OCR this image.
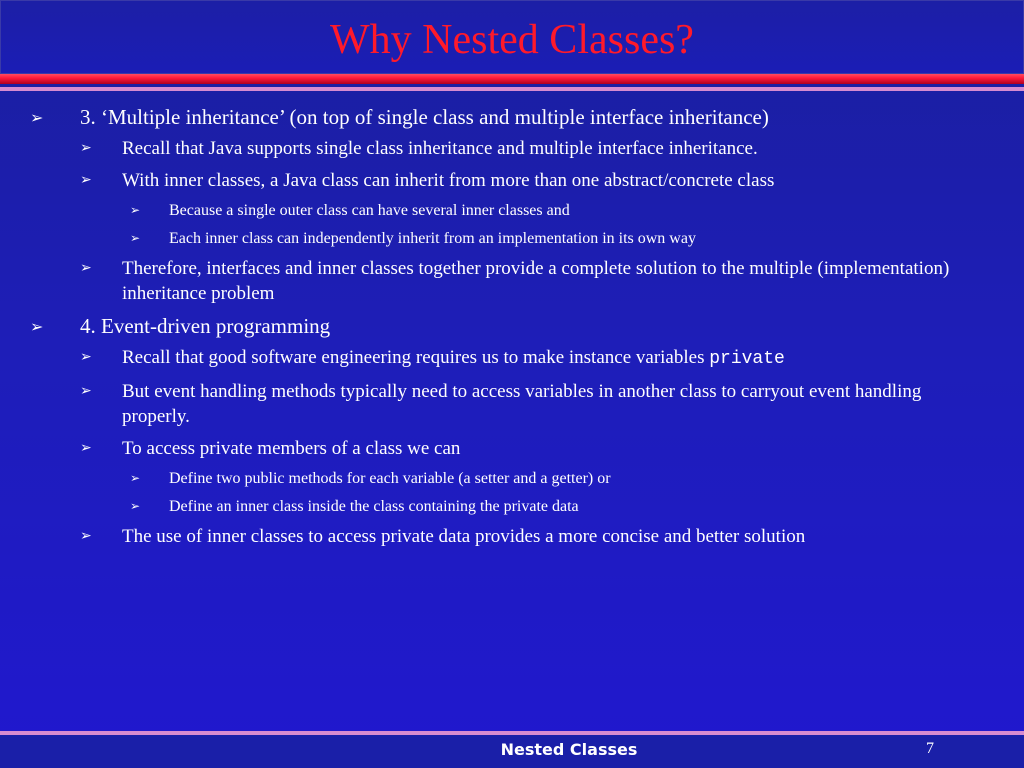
Why Nested Classes?
➢ 3. ‘Multiple inheritance’ (on top of single class and multiple interface inheritance)
➢ Recall that Java supports single class inheritance and multiple interface inheritance.
➢ With inner classes, a Java class can inherit from more than one abstract/concrete class
➢ Because a single outer class can have several inner classes and
➢ Each inner class can independently inherit from an implementation in its own way
➢ Therefore, interfaces and inner classes together provide a complete solution to the multiple (implementation) inheritance problem
➢ 4. Event-driven programming
➢ Recall that good software engineering requires us to make instance variables private
➢ But event handling methods typically need to access variables in another class to carryout event handling properly.
➢ To access private members of a class we can
➢ Define two public methods for each variable (a setter and a getter) or
➢ Define an inner class inside the class containing the private data
➢ The use of inner classes to access private data provides a more concise and better solution
Nested Classes	7
